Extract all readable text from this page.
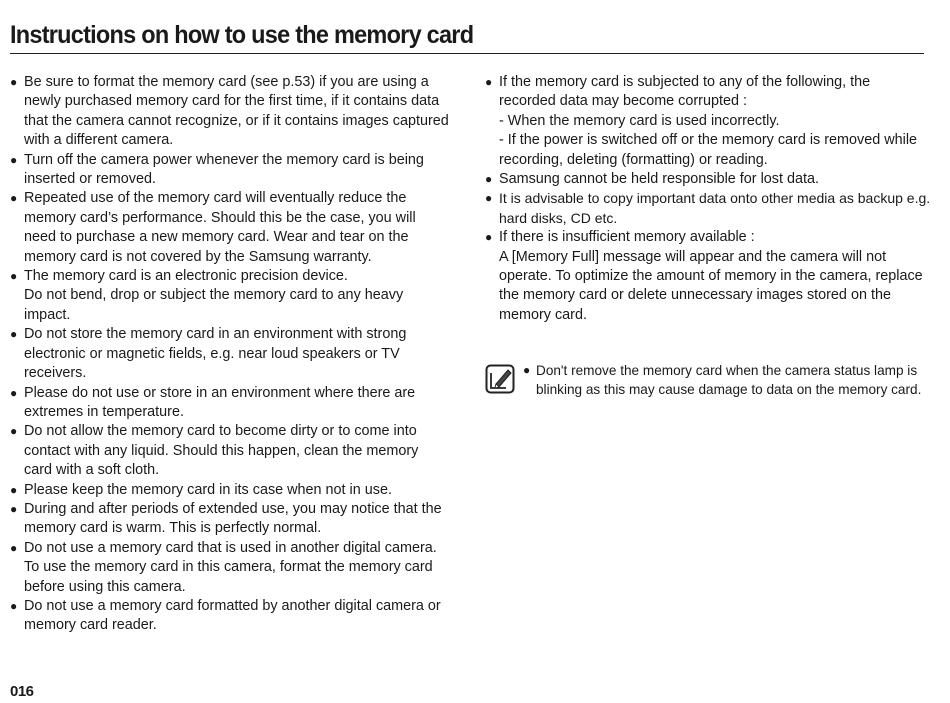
Instructions on how to use the memory card
● Be sure to format the memory card (see p.53) if you are using a
newly purchased memory card for the first time, if it contains data
that the camera cannot recognize, or if it contains images captured
with a different camera.
● Turn off the camera power whenever the memory card is being
inserted or removed.
● Repeated use of the memory card will eventually reduce the
memory card’s performance. Should this be the case, you will
need to purchase a new memory card. Wear and tear on the
memory card is not covered by the Samsung warranty.
● The memory card is an electronic precision device.
Do not bend, drop or subject the memory card to any heavy
impact.
● Do not store the memory card in an environment with strong
electronic or magnetic fields, e.g. near loud speakers or TV
receivers.
● Please do not use or store in an environment where there are
extremes in temperature.
● Do not allow the memory card to become dirty or to come into
contact with any liquid. Should this happen, clean the memory
card with a soft cloth.
● Please keep the memory card in its case when not in use.
● During and after periods of extended use, you may notice that the
memory card is warm. This is perfectly normal.
● Do not use a memory card that is used in another digital camera.
To use the memory card in this camera, format the memory card
before using this camera.
● Do not use a memory card formatted by another digital camera or
memory card reader.
● If the memory card is subjected to any of the following, the
recorded data may become corrupted :
- When the memory card is used incorrectly.
- If the power is switched off or the memory card is removed while
recording, deleting (formatting) or reading.
● Samsung cannot be held responsible for lost data.
● It is advisable to copy important data onto other media as backup e.g.
hard disks, CD etc.
● If there is insufficient memory available :
A [Memory Full] message will appear and the camera will not
operate. To optimize the amount of memory in the camera, replace
the memory card or delete unnecessary images stored on the
memory card.
● Don't remove the memory card when the camera status lamp is
blinking as this may cause damage to data on the memory card.
016
